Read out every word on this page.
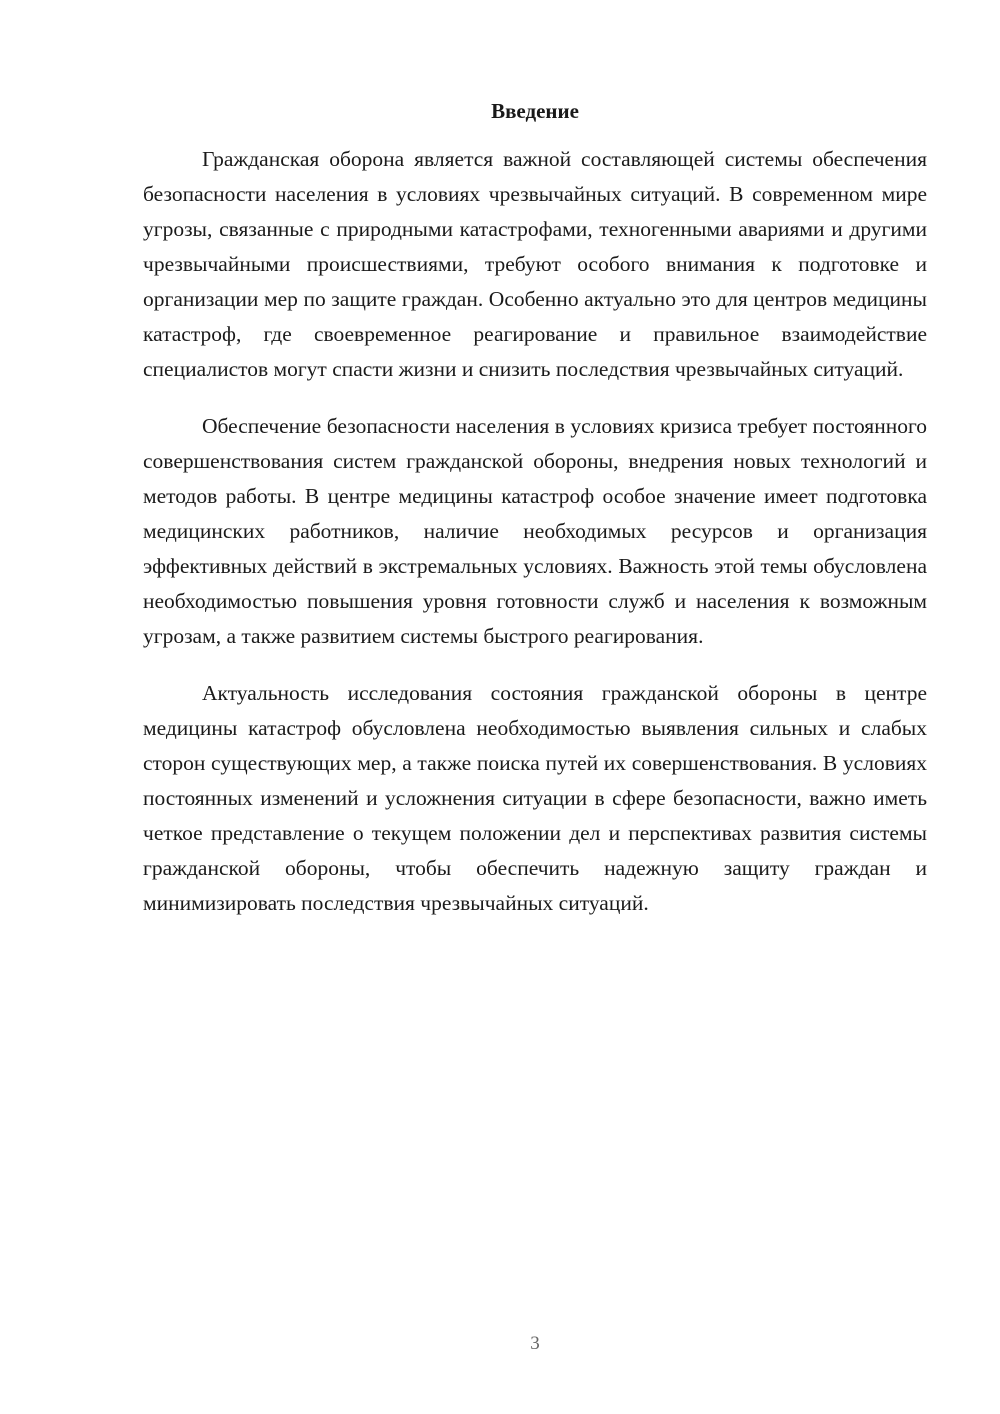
Введение

Гражданская оборона является важной составляющей системы обеспечения безопасности населения в условиях чрезвычайных ситуаций. В современном мире угрозы, связанные с природными катастрофами, техногенными авариями и другими чрезвычайными происшествиями, требуют особого внимания к подготовке и организации мер по защите граждан. Особенно актуально это для центров медицины катастроф, где своевременное реагирование и правильное взаимодействие специалистов могут спасти жизни и снизить последствия чрезвычайных ситуаций.

Обеспечение безопасности населения в условиях кризиса требует постоянного совершенствования систем гражданской обороны, внедрения новых технологий и методов работы. В центре медицины катастроф особое значение имеет подготовка медицинских работников, наличие необходимых ресурсов и организация эффективных действий в экстремальных условиях. Важность этой темы обусловлена необходимостью повышения уровня готовности служб и населения к возможным угрозам, а также развитием системы быстрого реагирования.

Актуальность исследования состояния гражданской обороны в центре медицины катастроф обусловлена необходимостью выявления сильных и слабых сторон существующих мер, а также поиска путей их совершенствования. В условиях постоянных изменений и усложнения ситуации в сфере безопасности, важно иметь четкое представление о текущем положении дел и перспективах развития системы гражданской обороны, чтобы обеспечить надежную защиту граждан и минимизировать последствия чрезвычайных ситуаций.

3
